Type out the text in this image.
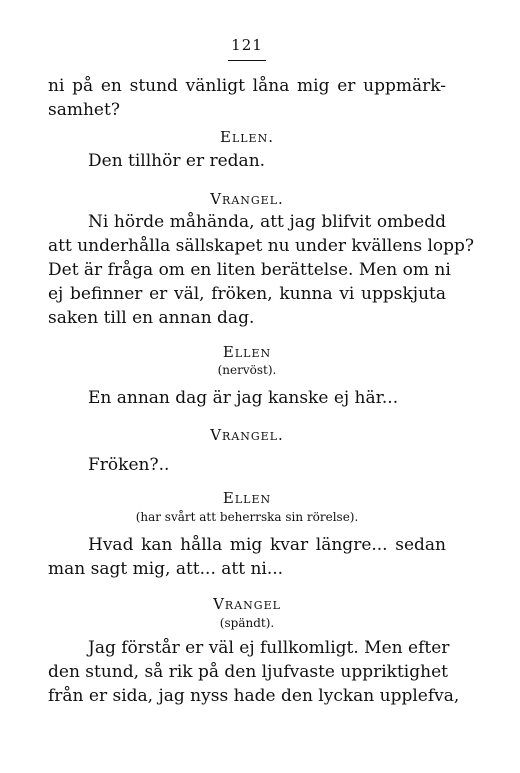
121
ni på en stund vänligt låna mig er uppmärk-
samhet?
Ellen.
Den tillhör er redan.
Vrangel.
Ni hörde måhända, att jag blifvit ombedd
att underhålla sällskapet nu under kvällens lopp?
Det är fråga om en liten berättelse. Men om ni
ej befinner er väl, fröken, kunna vi uppskjuta
saken till en annan dag.
Ellen
(nervöst).
En annan dag är jag kanske ej här...
Vrangel.
Fröken?..
Ellen
(har svårt att beherrska sin rörelse).
Hvad kan hålla mig kvar längre... sedan
man sagt mig, att... att ni...
Vrangel
(spändt).
Jag förstår er väl ej fullkomligt. Men efter
den stund, så rik på den ljufvaste uppriktighet
från er sida, jag nyss hade den lyckan upplefva,
